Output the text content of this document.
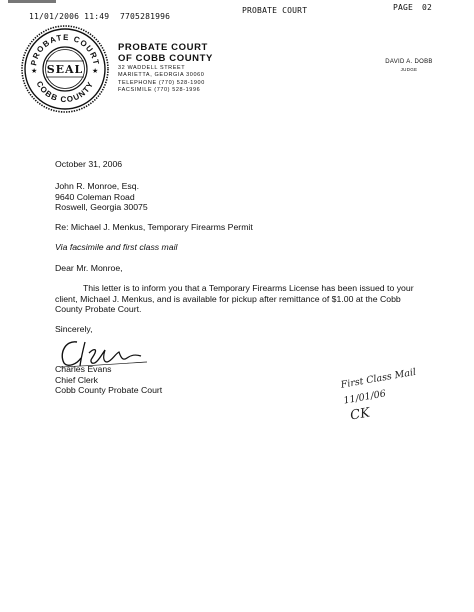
11/01/2006 11:49 7705281996
PROBATE COURT	PAGE 02
PROBATE COURT
COBB COUNTY
SEAL
★	★
PROBATE COURT
OF COBB COUNTY
32 WADDELL STREET
MARIETTA, GEORGIA 30060
TELEPHONE (770) 528-1900
FACSIMILE (770) 528-1996
DAVID A. DOBB
JUDGE
October 31, 2006
John R. Monroe, Esq.
9640 Coleman Road
Roswell, Georgia 30075
Re: Michael J. Menkus, Temporary Firearms Permit
Via facsimile and first class mail
Dear Mr. Monroe,
This letter is to inform you that a Temporary Firearms License has been issued to your client, Michael J. Menkus, and is available for pickup after remittance of $1.00 at the Cobb County Probate Court.
Sincerely,
Charles Evans
Chief Clerk
Cobb County Probate Court	First Class Mail
11/01/06
CK
